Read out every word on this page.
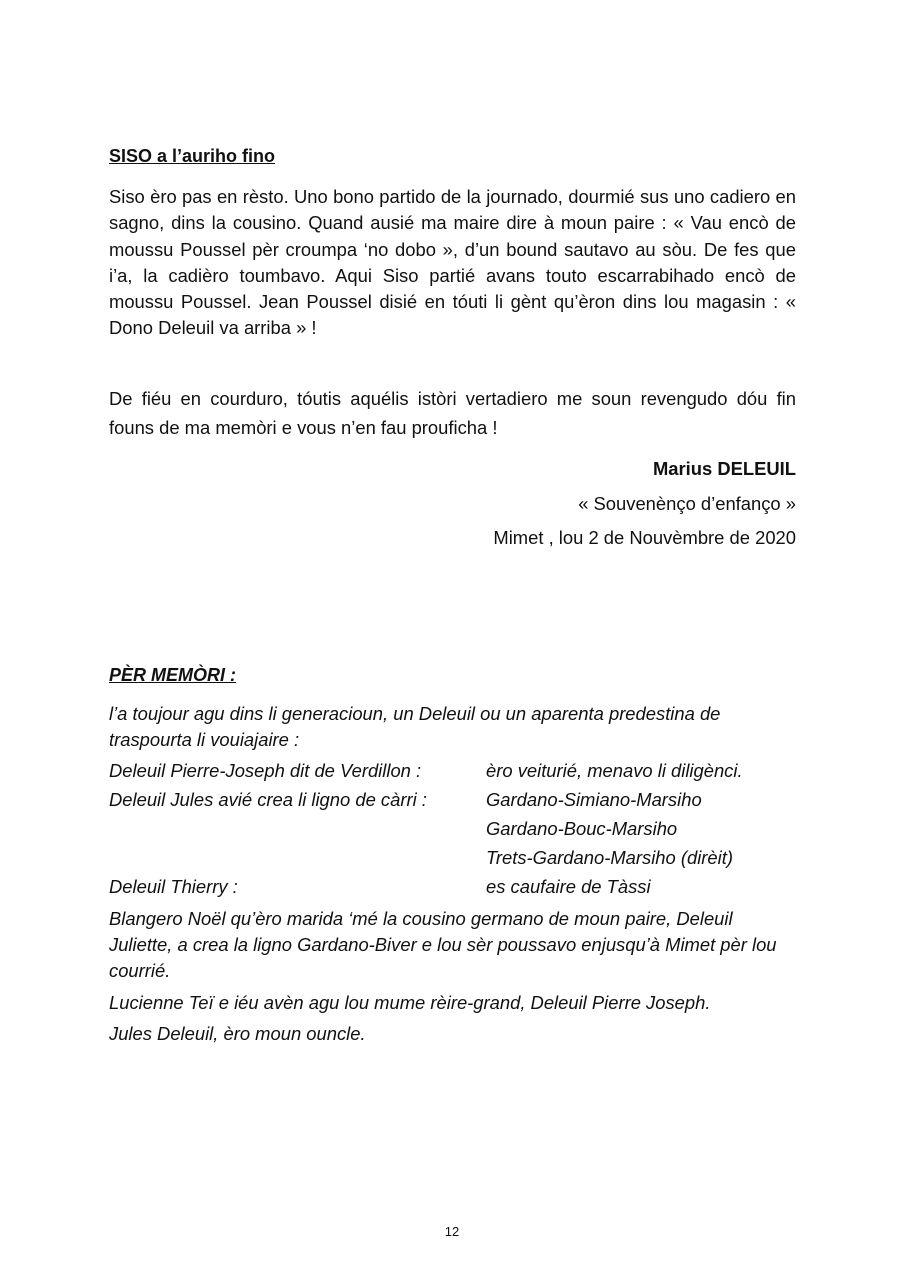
SISO a l’auriho fino
Siso èro pas en rèsto. Uno bono partido de la journado, dourmié sus uno cadiero en sagno, dins la cousino. Quand ausié ma maire dire à moun paire : « Vau encò de moussu Poussel pèr croumpa ‘no dobo », d’un bound sautavo au sòu. De fes que i’a, la cadièro toumbavo. Aqui Siso partié avans touto escarrabihado encò de moussu Poussel. Jean Poussel disié en tóuti li gènt qu’èron dins lou magasin : « Dono Deleuil va arriba » !
De fiéu en courduro, tóutis aquélis istòri vertadiero me soun revengudo dóu fin founs de ma memòri e vous n’en fau prouficha !
Marius DELEUIL
« Souvenènço d’enfanço »
Mimet , lou 2 de Nouvèmbre de 2020
PÈR MEMÒRI :
l’a toujour agu dins li generacioun, un Deleuil ou un aparenta predestina de traspourta li vouiajaire :
Deleuil Pierre-Joseph dit de Verdillon :	èro veiturié, menavo li diligènci.
Deleuil Jules avié crea li ligno de càrri :	Gardano-Simiano-Marsiho
Gardano-Bouc-Marsiho
Trets-Gardano-Marsiho (dirèit)
Deleuil Thierry :	es caufaire de Tàssi
Blangero Noël qu’èro marida ‘mé la cousino germano de moun paire, Deleuil Juliette, a crea la ligno Gardano-Biver e lou sèr poussavo enjusqu’à Mimet pèr lou courrié.
Lucienne Teï e iéu avèn agu lou mume rèire-grand, Deleuil Pierre Joseph.
Jules Deleuil, èro moun ouncle.
12
